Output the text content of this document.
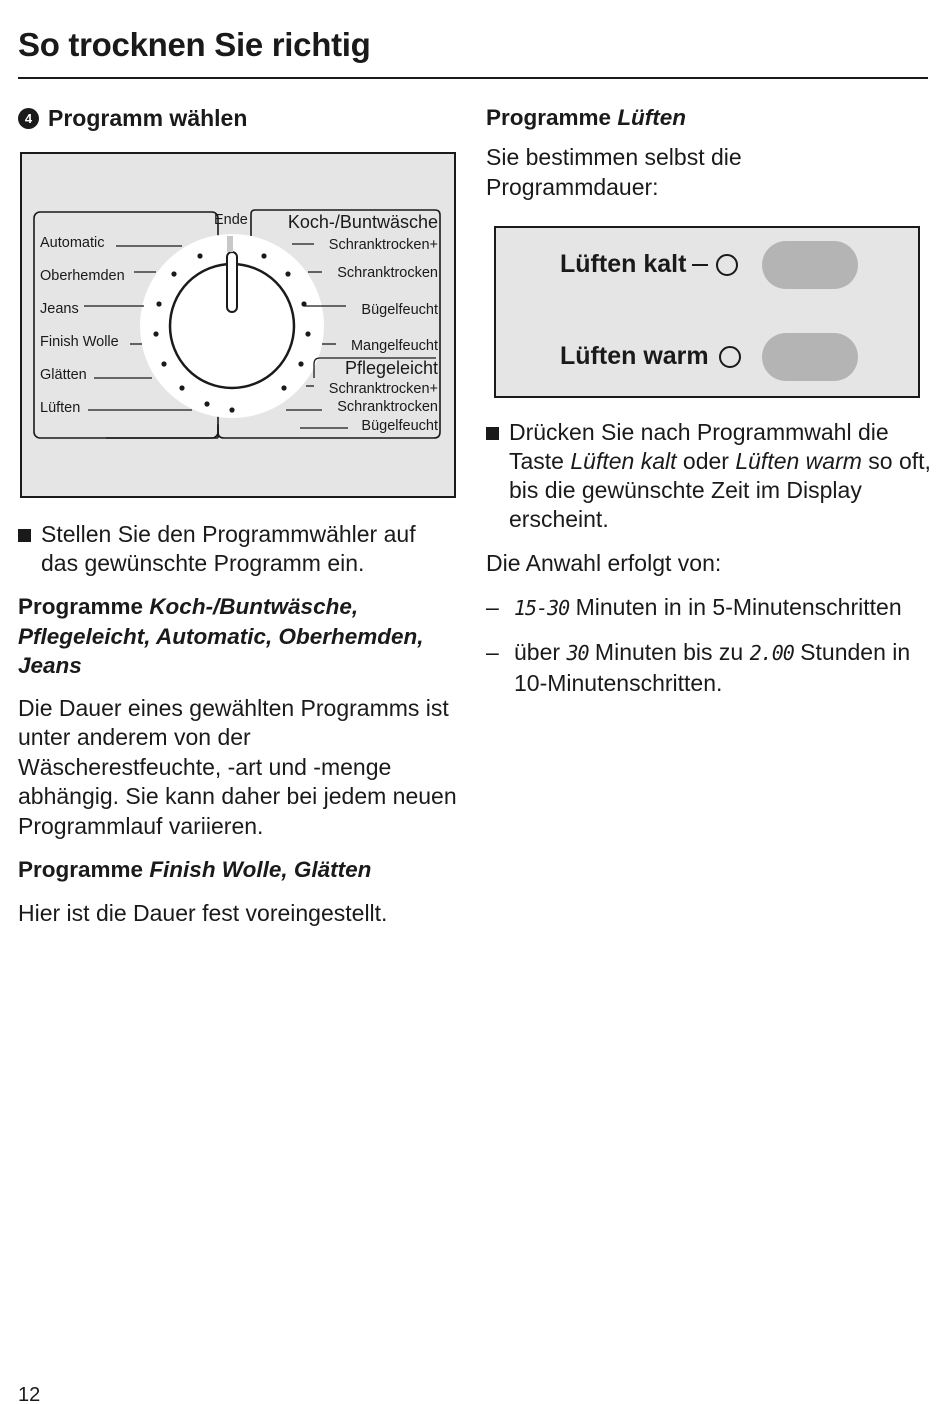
So trocknen Sie richtig
4 Programm wählen
Automatic
Oberhemden
Jeans
Finish Wolle
Glätten
Lüften
Ende Koch-/Buntwäsche
Schranktrocken+
Schranktrocken
Bügelfeucht
Mangelfeucht
Pflegeleicht
Schranktrocken+
Schranktrocken
Bügelfeucht
Stellen Sie den Programmwähler auf das gewünschte Programm ein.
Programme Koch-/Buntwäsche, Pflegeleicht, Automatic, Oberhemden, Jeans
Die Dauer eines gewählten Programms ist unter anderem von der Wäscherestfeuchte, -art und -menge abhängig. Sie kann daher bei jedem neuen Programmlauf variieren.
Programme Finish Wolle, Glätten
Hier ist die Dauer fest voreingestellt.
Programme Lüften
Sie bestimmen selbst die Programmdauer:
Lüften kalt
Lüften warm
Drücken Sie nach Programmwahl die Taste Lüften kalt oder Lüften warm so oft, bis die gewünschte Zeit im Display erscheint.
Die Anwahl erfolgt von:
– 15-30 Minuten in in 5-Minutenschritten
– über 30 Minuten bis zu 2.00 Stunden in 10-Minutenschritten.
12
